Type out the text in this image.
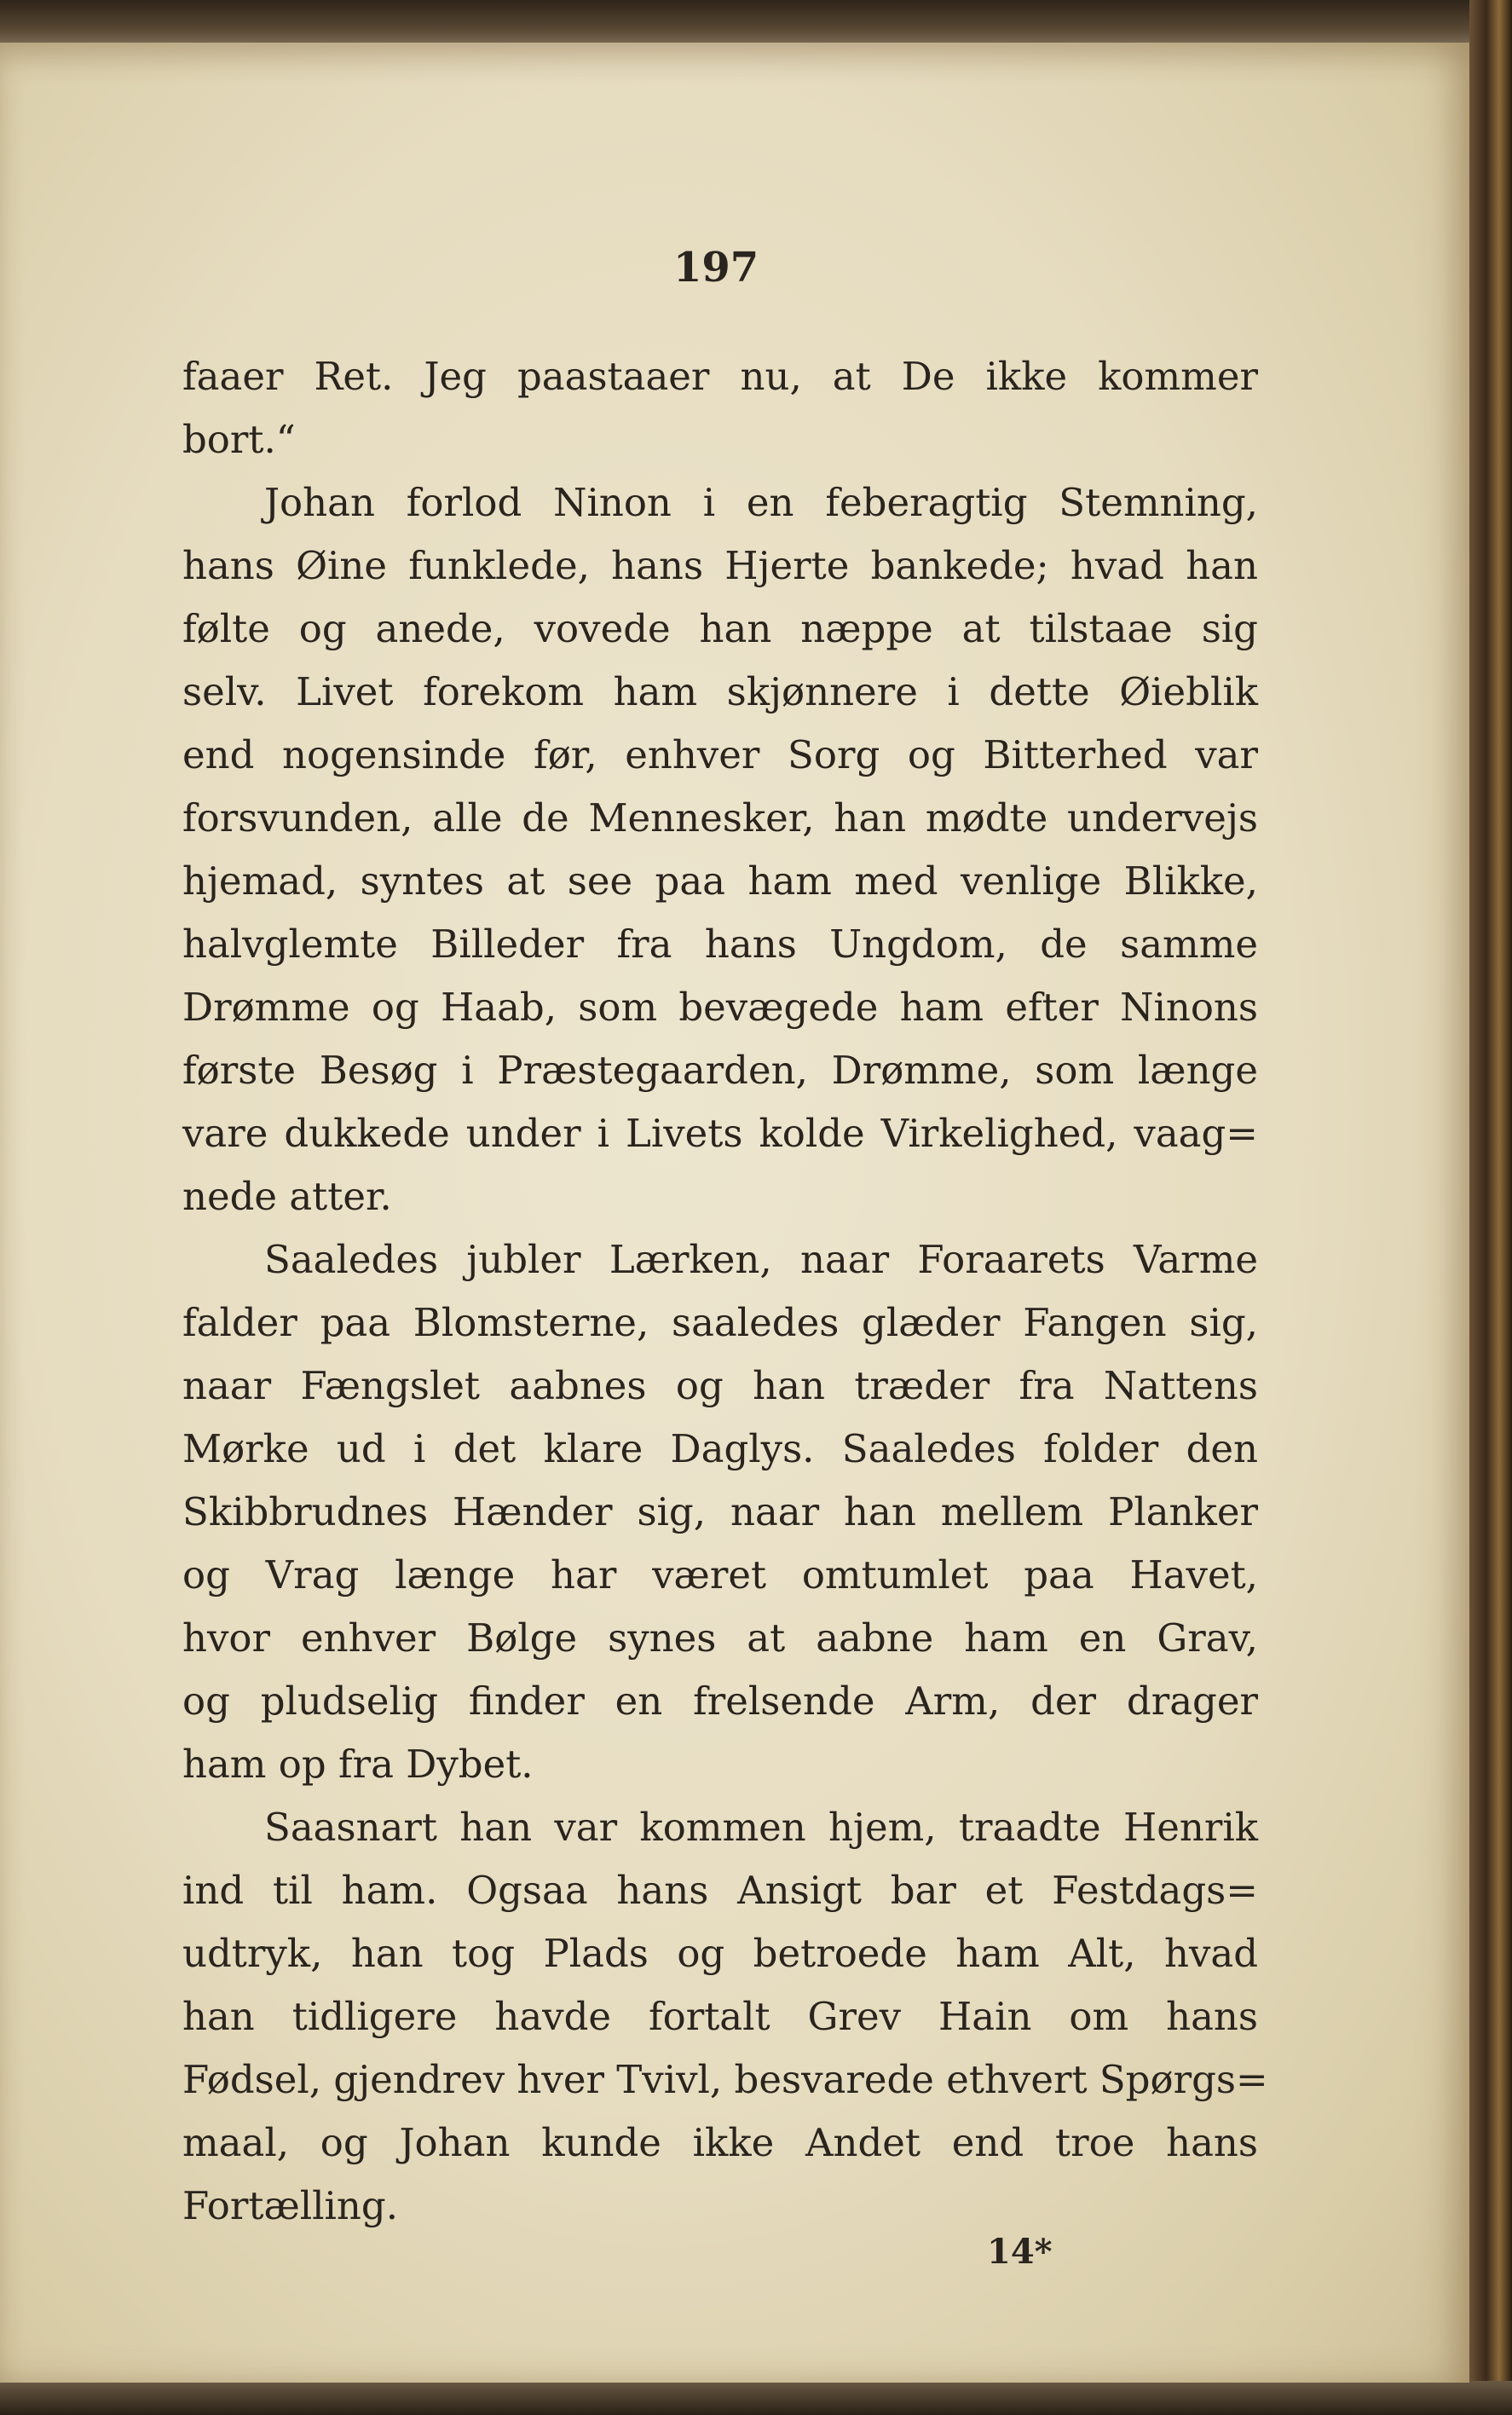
197
faaer Ret. Jeg paastaaer nu, at De ikke kommer
bort.“
Johan forlod Ninon i en feberagtig Stemning,
hans Øine funklede, hans Hjerte bankede; hvad han
følte og anede, vovede han næppe at tilstaae sig
selv. Livet forekom ham skjønnere i dette Øieblik
end nogensinde før, enhver Sorg og Bitterhed var
forsvunden, alle de Mennesker, han mødte undervejs
hjemad, syntes at see paa ham med venlige Blikke,
halvglemte Billeder fra hans Ungdom, de samme
Drømme og Haab, som bevægede ham efter Ninons
første Besøg i Præstegaarden, Drømme, som længe
vare dukkede under i Livets kolde Virkelighed, vaag=
nede atter.
Saaledes jubler Lærken, naar Foraarets Varme
falder paa Blomsterne, saaledes glæder Fangen sig,
naar Fængslet aabnes og han træder fra Nattens
Mørke ud i det klare Daglys. Saaledes folder den
Skibbrudnes Hænder sig, naar han mellem Planker
og Vrag længe har været omtumlet paa Havet,
hvor enhver Bølge synes at aabne ham en Grav,
og pludselig finder en frelsende Arm, der drager
ham op fra Dybet.
Saasnart han var kommen hjem, traadte Henrik
ind til ham. Ogsaa hans Ansigt bar et Festdags=
udtryk, han tog Plads og betroede ham Alt, hvad
han tidligere havde fortalt Grev Hain om hans
Fødsel, gjendrev hver Tvivl, besvarede ethvert Spørgs=
maal, og Johan kunde ikke Andet end troe hans
Fortælling.
14*
